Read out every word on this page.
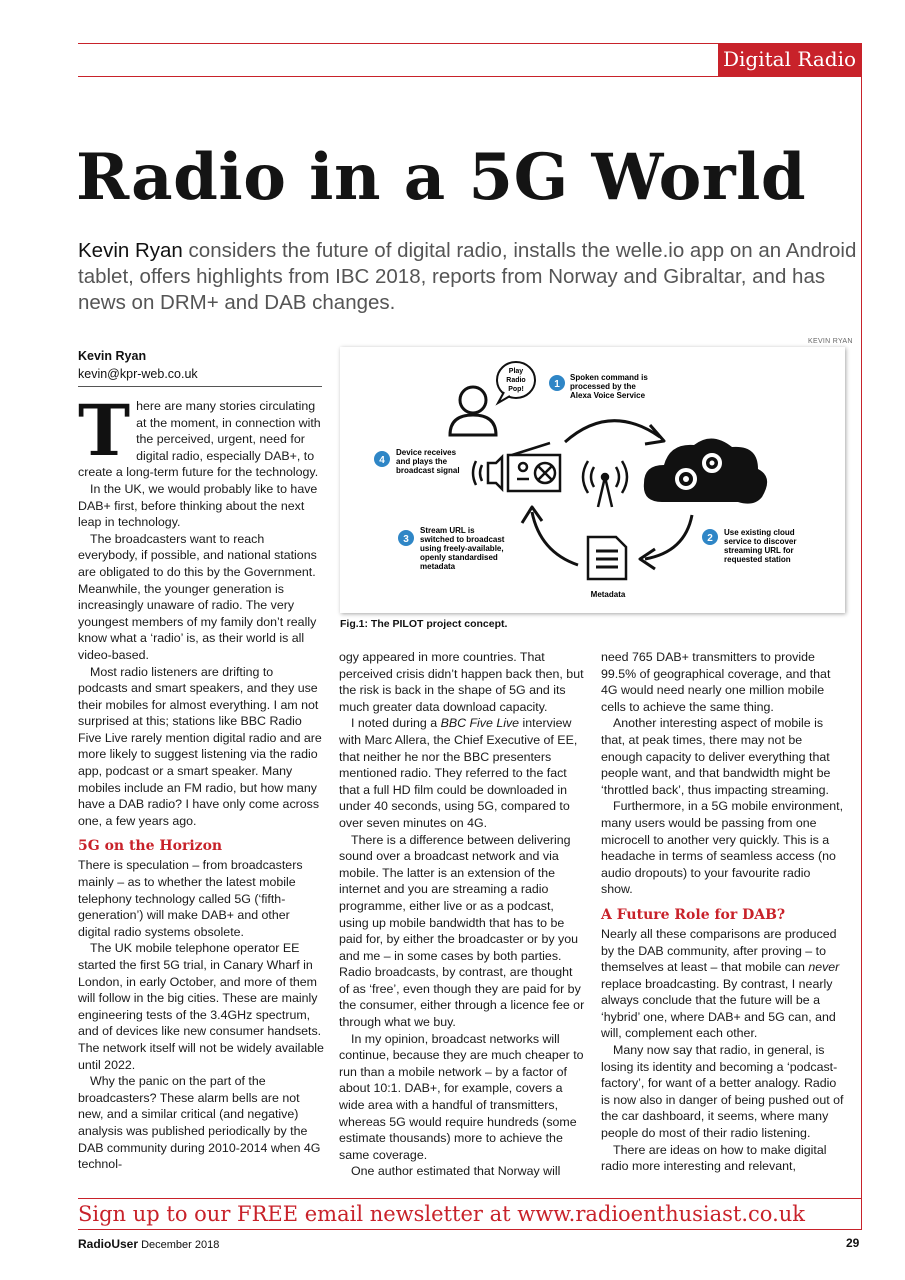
Digital Radio
Radio in a 5G World

Kevin Ryan considers the future of digital radio, installs the welle.io app on an Android tablet, offers highlights from IBC 2018, reports from Norway and Gibraltar, and has news on DRM+ and DAB changes.

Kevin Ryan
kevin@kpr-web.co.uk
KEVIN RYAN
Play
Radio
Pop!	1
Spoken command is
processed by the
Alexa Voice Service
4
Device receives
and plays the
broadcast signal
2
Use existing cloud
service to discover
streaming URL for
requested station
Metadata
3
Stream URL is
switched to broadcast
using freely-available,
openly standardised
metadata
Fig.1: The PILOT project concept.

There are many stories circulating at the moment, in connection with the perceived, urgent, need for digital radio, especially DAB+, to create a long-term future for the technology.

In the UK, we would probably like to have DAB+ first, before thinking about the next leap in technology.

The broadcasters want to reach everybody, if possible, and national stations are obligated to do this by the Government. Meanwhile, the younger generation is increasingly unaware of radio. The very youngest members of my family don’t really know what a ‘radio’ is, as their world is all video-based.

Most radio listeners are drifting to podcasts and smart speakers, and they use their mobiles for almost everything. I am not surprised at this; stations like BBC Radio Five Live rarely mention digital radio and are more likely to suggest listening via the radio app, podcast or a smart speaker. Many mobiles include an FM radio, but how many have a DAB radio? I have only come across one, a few years ago.

5G on the Horizon

There is speculation – from broadcasters mainly – as to whether the latest mobile telephony technology called 5G (‘fifth-generation’) will make DAB+ and other digital radio systems obsolete.

The UK mobile telephone operator EE started the first 5G trial, in Canary Wharf in London, in early October, and more of them will follow in the big cities. These are mainly engineering tests of the 3.4GHz spectrum, and of devices like new consumer handsets. The network itself will not be widely available until 2022.

Why the panic on the part of the broadcasters? These alarm bells are not new, and a similar critical (and negative) analysis was published periodically by the DAB community during 2010-2014 when 4G technol-

ogy appeared in more countries. That perceived crisis didn’t happen back then, but the risk is back in the shape of 5G and its much greater data download capacity.

I noted during a BBC Five Live interview with Marc Allera, the Chief Executive of EE, that neither he nor the BBC presenters mentioned radio. They referred to the fact that a full HD film could be downloaded in under 40 seconds, using 5G, compared to over seven minutes on 4G.

There is a difference between delivering sound over a broadcast network and via mobile. The latter is an extension of the internet and you are streaming a radio programme, either live or as a podcast, using up mobile bandwidth that has to be paid for, by either the broadcaster or by you and me – in some cases by both parties. Radio broadcasts, by contrast, are thought of as ‘free’, even though they are paid for by the consumer, either through a licence fee or through what we buy.

In my opinion, broadcast networks will continue, because they are much cheaper to run than a mobile network – by a factor of about 10:1. DAB+, for example, covers a wide area with a handful of transmitters, whereas 5G would require hundreds (some estimate thousands) more to achieve the same coverage.

One author estimated that Norway will

need 765 DAB+ transmitters to provide 99.5% of geographical coverage, and that 4G would need nearly one million mobile cells to achieve the same thing.

Another interesting aspect of mobile is that, at peak times, there may not be enough capacity to deliver everything that people want, and that bandwidth might be ‘throttled back’, thus impacting streaming.

Furthermore, in a 5G mobile environment, many users would be passing from one microcell to another very quickly. This is a headache in terms of seamless access (no audio dropouts) to your favourite radio show.

A Future Role for DAB?

Nearly all these comparisons are produced by the DAB community, after proving – to themselves at least – that mobile can never replace broadcasting. By contrast, I nearly always conclude that the future will be a ‘hybrid’ one, where DAB+ and 5G can, and will, complement each other.

Many now say that radio, in general, is losing its identity and becoming a ‘podcast-factory’, for want of a better analogy. Radio is now also in danger of being pushed out of the car dashboard, it seems, where many people do most of their radio listening.

There are ideas on how to make digital radio more interesting and relevant,

Sign up to our FREE email newsletter at www.radioenthusiast.co.uk
RadioUser December 2018	29
